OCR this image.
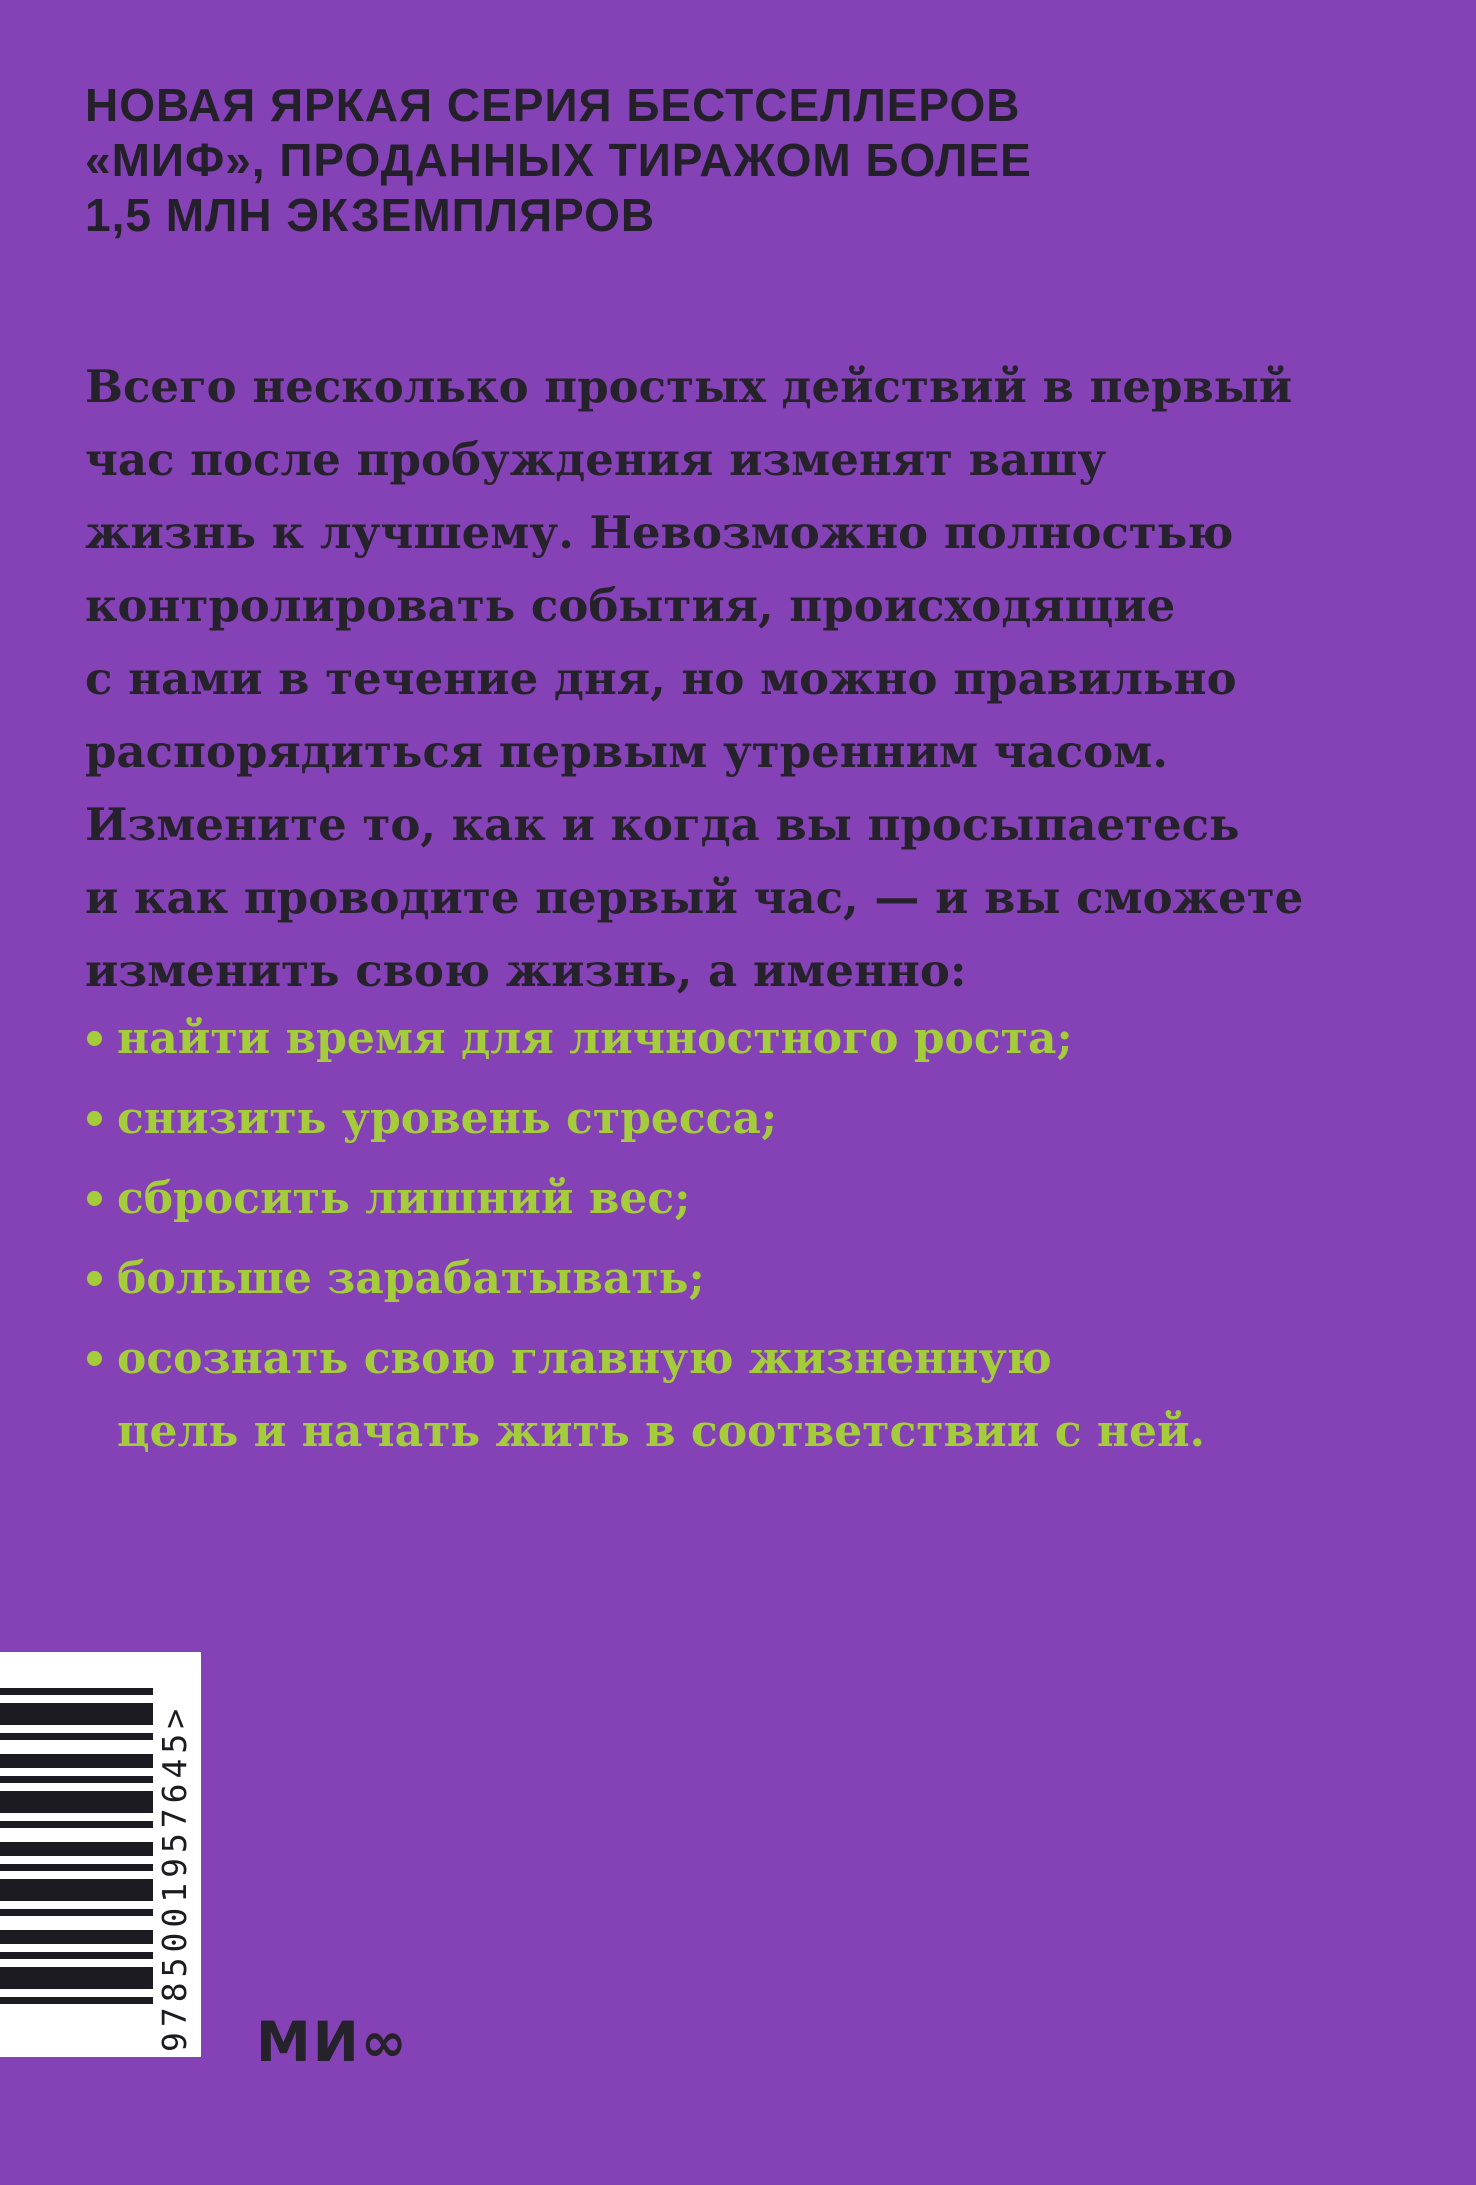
НОВАЯ ЯРКАЯ СЕРИЯ БЕСТСЕЛЛЕРОВ
«МИФ», ПРОДАННЫХ ТИРАЖОМ БОЛЕЕ
1,5 МЛН ЭКЗЕМПЛЯРОВ
Всего несколько простых действий в первый
час после пробуждения изменят вашу
жизнь к лучшему. Невозможно полностью
контролировать события, происходящие
с нами в течение дня, но можно правильно
распорядиться первым утренним часом.
Измените то, как и когда вы просыпаетесь
и как проводите первый час, — и вы сможете
изменить свою жизнь, а именно:
найти время для личностного роста;
снизить уровень стресса;
сбросить лишний вес;
больше зарабатывать;
осознать свою главную жизненную
цель и начать жить в соответствии с ней.
9785001957645> МИ∞
